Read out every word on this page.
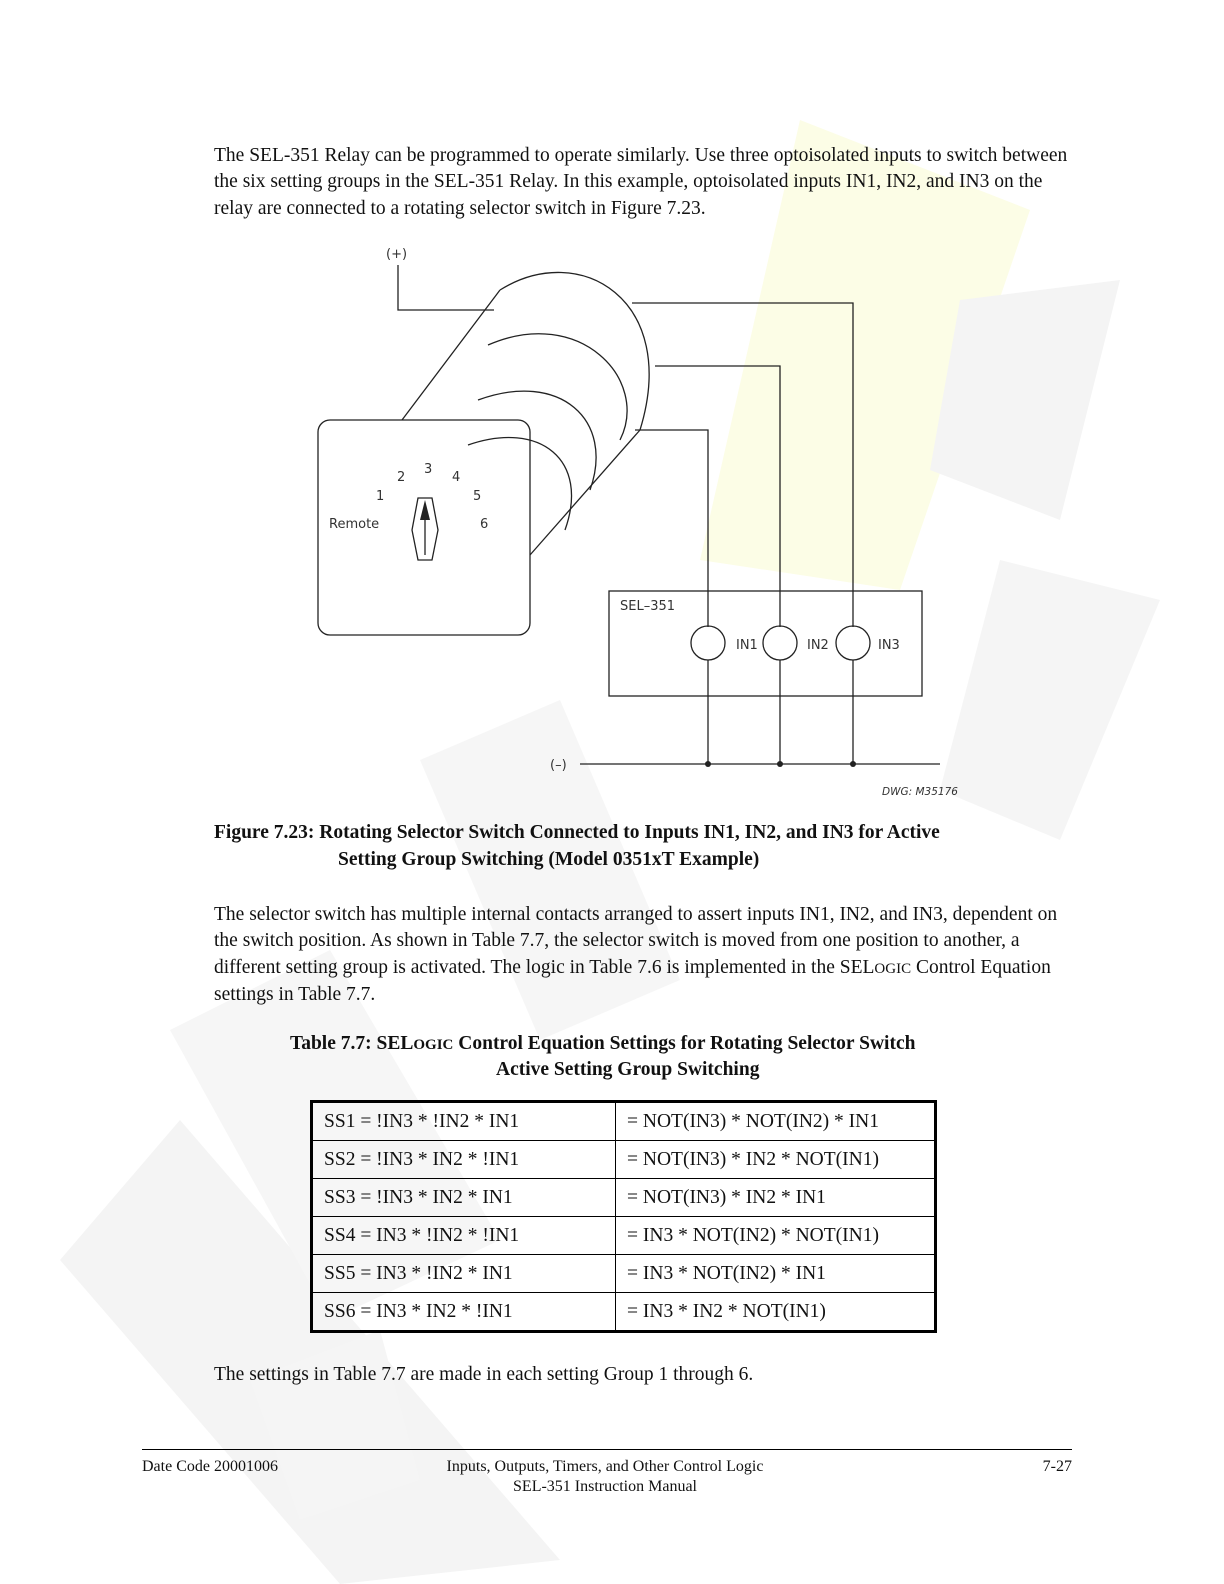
The SEL-351 Relay can be programmed to operate similarly. Use three optoisolated inputs to switch between the six setting groups in the SEL-351 Relay. In this example, optoisolated inputs IN1, IN2, and IN3 on the relay are connected to a rotating selector switch in Figure 7.23.

(+)
(–)
1
2
3
4
5
6
Remote
SEL–351
IN1	IN2	IN3
DWG: M35176

Figure 7.23: Rotating Selector Switch Connected to Inputs IN1, IN2, and IN3 for Active

Setting Group Switching (Model 0351xT Example)

The selector switch has multiple internal contacts arranged to assert inputs IN1, IN2, and IN3, dependent on the switch position. As shown in Table 7.7, the selector switch is moved from one position to another, a different setting group is activated. The logic in Table 7.6 is implemented in the SELOGIC Control Equation settings in Table 7.7.

Table 7.7: SELOGIC Control Equation Settings for Rotating Selector Switch

Active Setting Group Switching

SS1 = !IN3 * !IN2 * IN1	= NOT(IN3) * NOT(IN2) * IN1
SS2 = !IN3 * IN2 * !IN1	= NOT(IN3) * IN2 * NOT(IN1)
SS3 = !IN3 * IN2 * IN1	= NOT(IN3) * IN2 * IN1
SS4 = IN3 * !IN2 * !IN1	= IN3 * NOT(IN2) * NOT(IN1)
SS5 = IN3 * !IN2 * IN1	= IN3 * NOT(IN2) * IN1
SS6 = IN3 * IN2 * !IN1	= IN3 * IN2 * NOT(IN1)

The settings in Table 7.7 are made in each setting Group 1 through 6.

Date Code 20001006	Inputs, Outputs, Timers, and Other Control Logic

SEL-351 Instruction Manual

7-27
